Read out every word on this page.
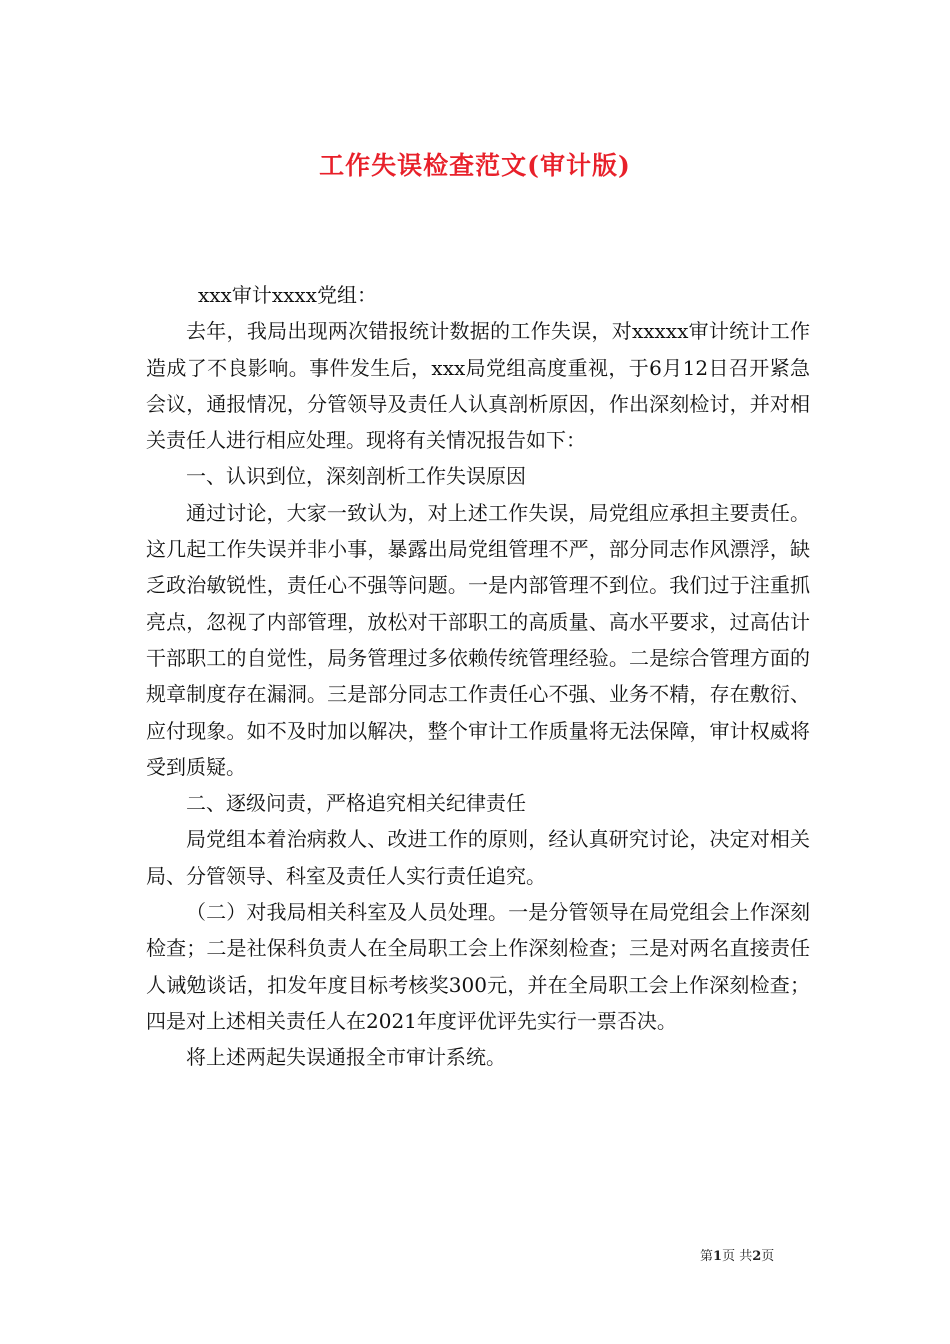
工作失误检查范文(审计版)

xxx审计xxxx党组：

去年，我局出现两次错报统计数据的工作失误，对xxxxx审计统计工作造成了不良影响。事件发生后，xxx局党组高度重视，于6月12日召开紧急会议，通报情况，分管领导及责任人认真剖析原因，作出深刻检讨，并对相关责任人进行相应处理。现将有关情况报告如下：

一、认识到位，深刻剖析工作失误原因

通过讨论，大家一致认为，对上述工作失误，局党组应承担主要责任。这几起工作失误并非小事，暴露出局党组管理不严，部分同志作风漂浮，缺乏政治敏锐性，责任心不强等问题。一是内部管理不到位。我们过于注重抓亮点，忽视了内部管理，放松对干部职工的高质量、高水平要求，过高估计干部职工的自觉性，局务管理过多依赖传统管理经验。二是综合管理方面的规章制度存在漏洞。三是部分同志工作责任心不强、业务不精，存在敷衍、应付现象。如不及时加以解决，整个审计工作质量将无法保障，审计权威将受到质疑。

二、逐级问责，严格追究相关纪律责任

局党组本着治病救人、改进工作的原则，经认真研究讨论，决定对相关局、分管领导、科室及责任人实行责任追究。

（二）对我局相关科室及人员处理。一是分管领导在局党组会上作深刻检查；二是社保科负责人在全局职工会上作深刻检查；三是对两名直接责任人诫勉谈话，扣发年度目标考核奖300元，并在全局职工会上作深刻检查；四是对上述相关责任人在2021年度评优评先实行一票否决。

将上述两起失误通报全市审计系统。

第1页 共2页
